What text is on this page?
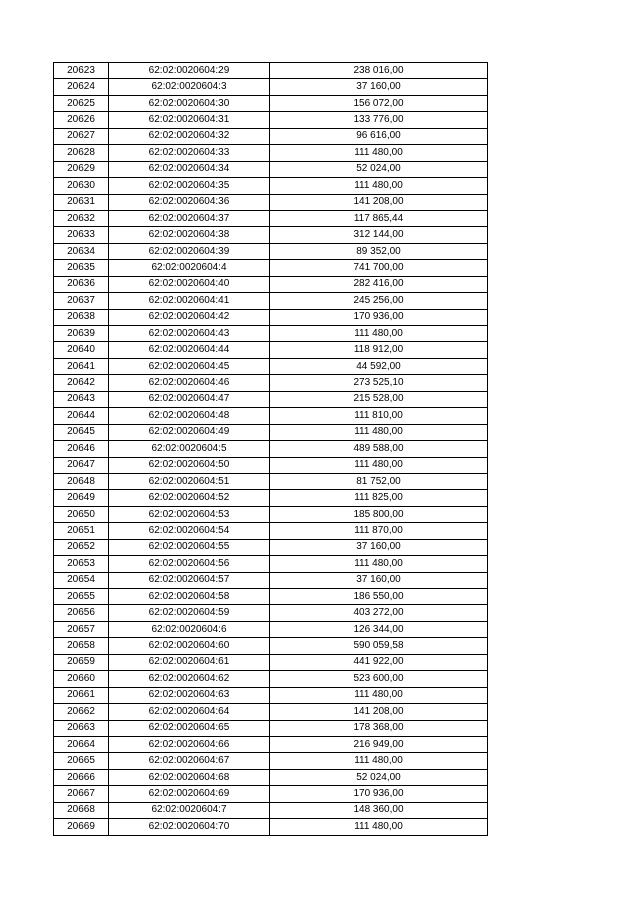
20623	62:02:0020604:29	238 016,00
20624	62:02:0020604:3	37 160,00
20625	62:02:0020604:30	156 072,00
20626	62:02:0020604:31	133 776,00
20627	62:02:0020604:32	96 616,00
20628	62:02:0020604:33	111 480,00
20629	62:02:0020604:34	52 024,00
20630	62:02:0020604:35	111 480,00
20631	62:02:0020604:36	141 208,00
20632	62:02:0020604:37	117 865,44
20633	62:02:0020604:38	312 144,00
20634	62:02:0020604:39	89 352,00
20635	62:02:0020604:4	741 700,00
20636	62:02:0020604:40	282 416,00
20637	62:02:0020604:41	245 256,00
20638	62:02:0020604:42	170 936,00
20639	62:02:0020604:43	111 480,00
20640	62:02:0020604:44	118 912,00
20641	62:02:0020604:45	44 592,00
20642	62:02:0020604:46	273 525,10
20643	62:02:0020604:47	215 528,00
20644	62:02:0020604:48	111 810,00
20645	62:02:0020604:49	111 480,00
20646	62:02:0020604:5	489 588,00
20647	62:02:0020604:50	111 480,00
20648	62:02:0020604:51	81 752,00
20649	62:02:0020604:52	111 825,00
20650	62:02:0020604:53	185 800,00
20651	62:02:0020604:54	111 870,00
20652	62:02:0020604:55	37 160,00
20653	62:02:0020604:56	111 480,00
20654	62:02:0020604:57	37 160,00
20655	62:02:0020604:58	186 550,00
20656	62:02:0020604:59	403 272,00
20657	62:02:0020604:6	126 344,00
20658	62:02:0020604:60	590 059,58
20659	62:02:0020604:61	441 922,00
20660	62:02:0020604:62	523 600,00
20661	62:02:0020604:63	111 480,00
20662	62:02:0020604:64	141 208,00
20663	62:02:0020604:65	178 368,00
20664	62:02:0020604:66	216 949,00
20665	62:02:0020604:67	111 480,00
20666	62:02:0020604:68	52 024,00
20667	62:02:0020604:69	170 936,00
20668	62:02:0020604:7	148 360,00
20669	62:02:0020604:70	111 480,00
